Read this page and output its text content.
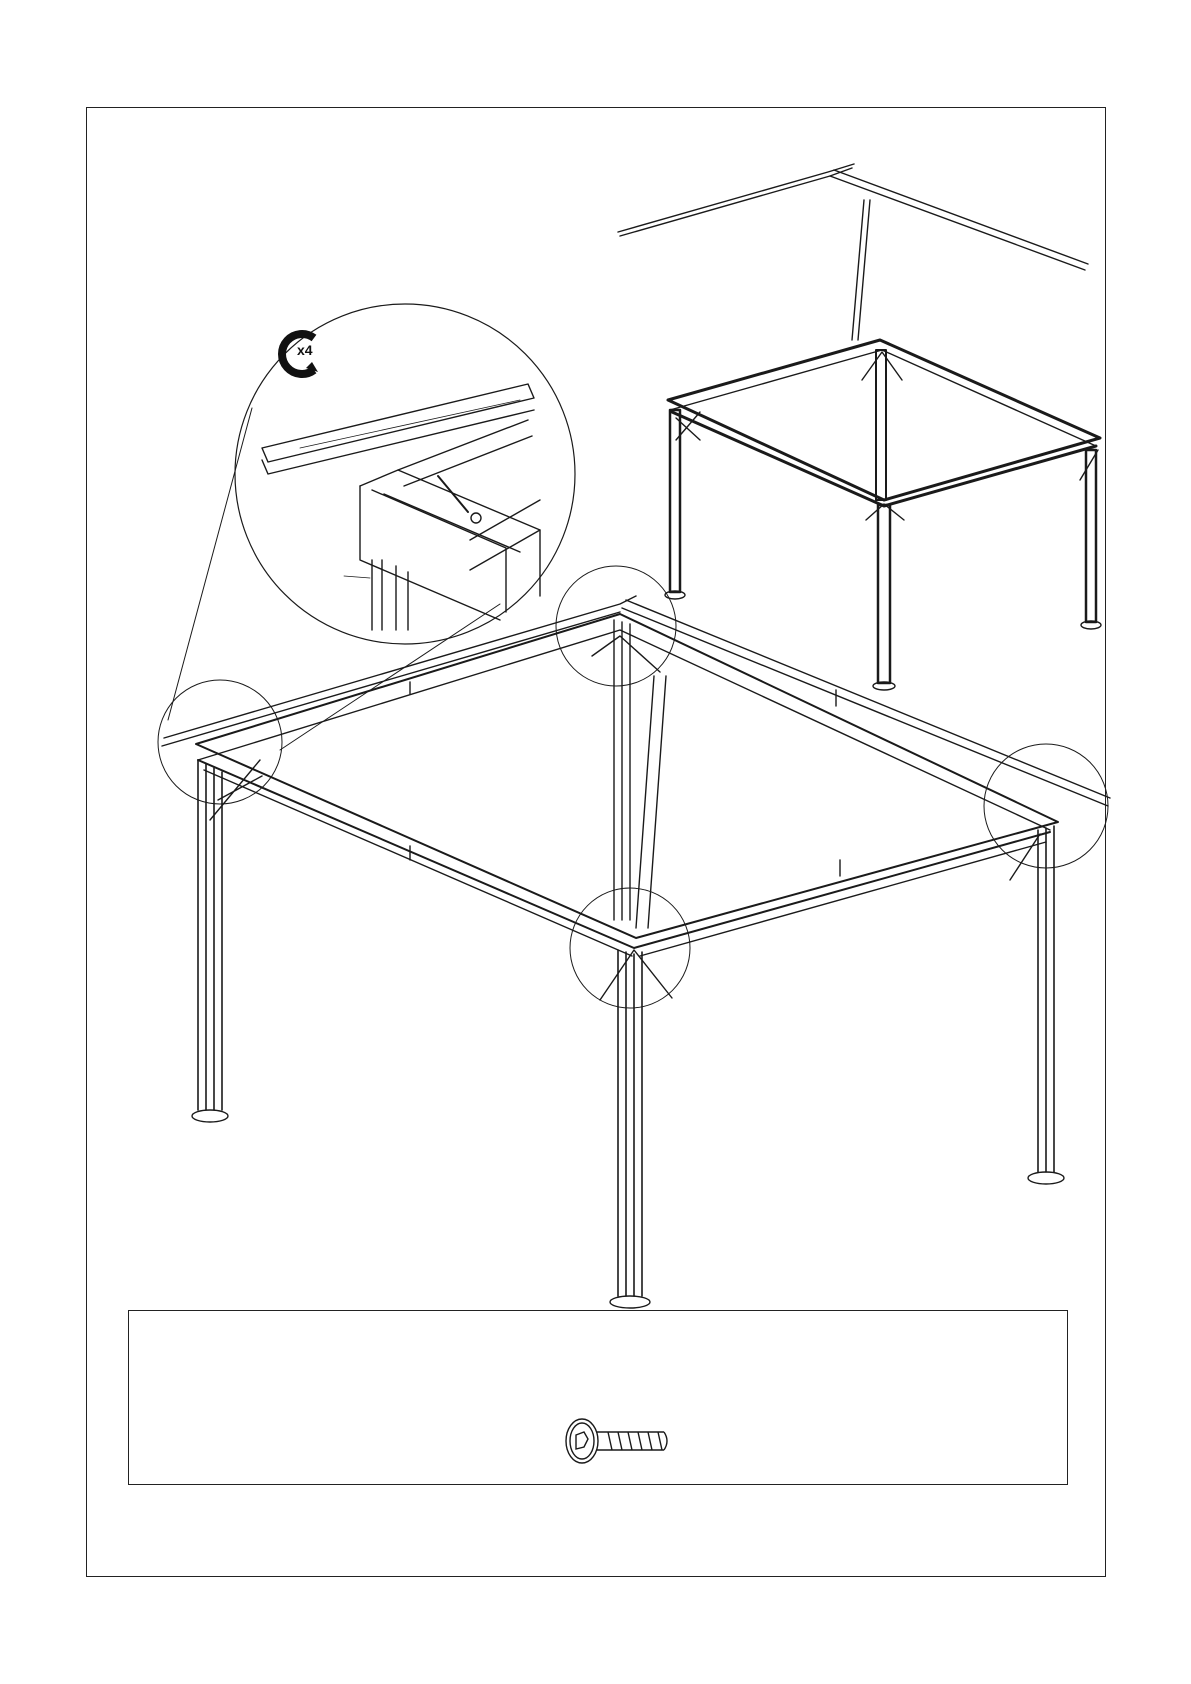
x4
